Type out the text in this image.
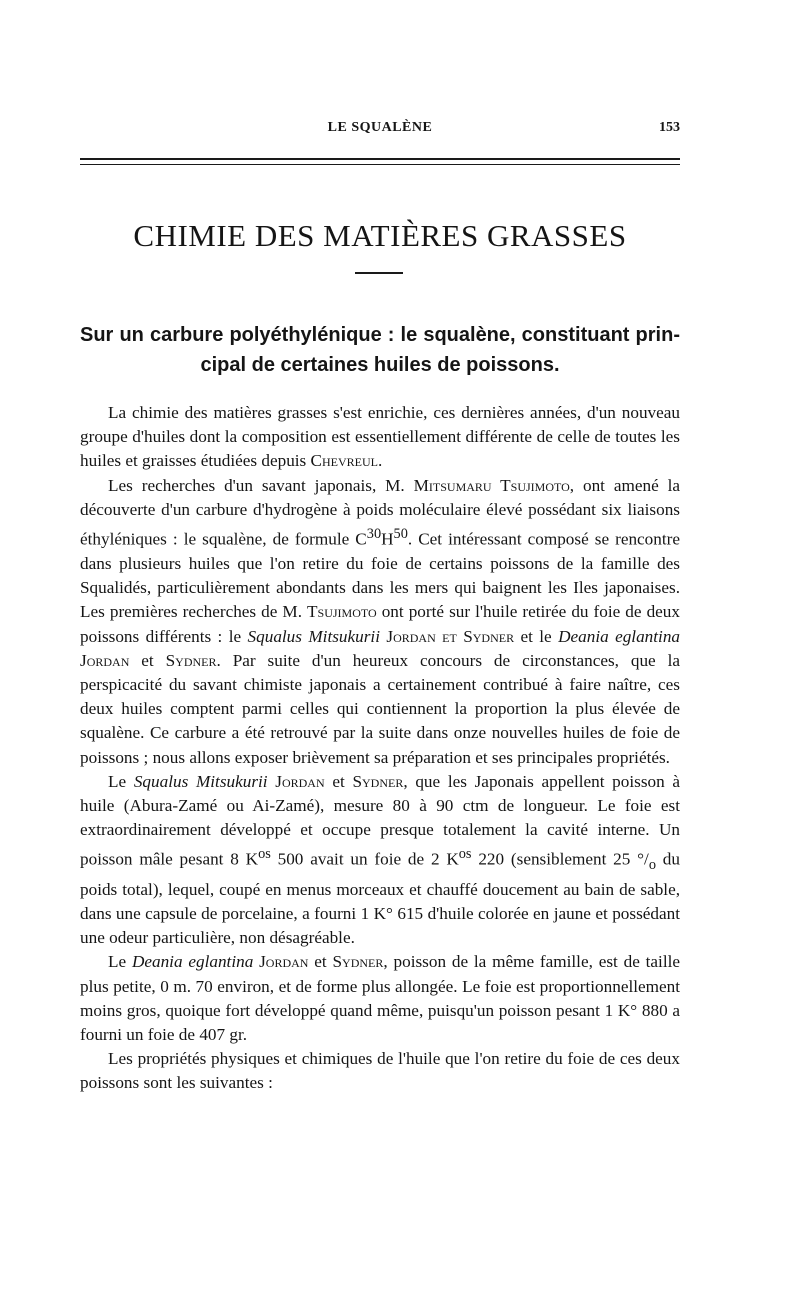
LE SQUALÈNE	153
CHIMIE DES MATIÈRES GRASSES
Sur un carbure polyéthylénique : le squalène, constituant prin-
cipal de certaines huiles de poissons.

La chimie des matières grasses s'est enrichie, ces dernières années, d'un nouveau groupe d'huiles dont la composition est essentiellement différente de celle de toutes les huiles et graisses étudiées depuis Chevreul.

Les recherches d'un savant japonais, M. Mitsumaru Tsujimoto, ont amené la découverte d'un carbure d'hydrogène à poids moléculaire élevé possédant six liaisons éthyléniques : le squalène, de formule $C^{30}H^{50}$. Cet intéressant composé se rencontre dans plusieurs huiles que l'on retire du foie de certains poissons de la famille des Squalidés, particulièrement abondants dans les mers qui baignent les Iles japonaises. Les premières recherches de M. Tsujimoto ont porté sur l'huile retirée du foie de deux poissons différents : le Squalus Mitsukurii Jordan et Sydner et le Deania eglantina Jordan et Sydner. Par suite d'un heureux concours de circonstances, que la perspicacité du savant chimiste japonais a certainement contribué à faire naître, ces deux huiles comptent parmi celles qui contiennent la proportion la plus élevée de squalène. Ce carbure a été retrouvé par la suite dans onze nouvelles huiles de foie de poissons ; nous allons exposer brièvement sa préparation et ses principales propriétés.

Le Squalus Mitsukurii Jordan et Sydner, que les Japonais appellent poisson à huile (Abura-Zamé ou Ai-Zamé), mesure 80 à 90 ctm de longueur. Le foie est extraordinairement développé et occupe presque totalement la cavité interne. Un poisson mâle pesant 8 $K^{os}$ 500 avait un foie de 2 $K^{os}$ 220 (sensiblement 25 $^\circ/_o$ du poids total), lequel, coupé en menus morceaux et chauffé doucement au bain de sable, dans une capsule de porcelaine, a fourni 1 K° 615 d'huile colorée en jaune et possédant une odeur particulière, non désagréable.

Le Deania eglantina Jordan et Sydner, poisson de la même famille, est de taille plus petite, 0 m. 70 environ, et de forme plus allongée. Le foie est proportionnellement moins gros, quoique fort développé quand même, puisqu'un poisson pesant 1 K° 880 a fourni un foie de 407 gr.

Les propriétés physiques et chimiques de l'huile que l'on retire du foie de ces deux poissons sont les suivantes :
